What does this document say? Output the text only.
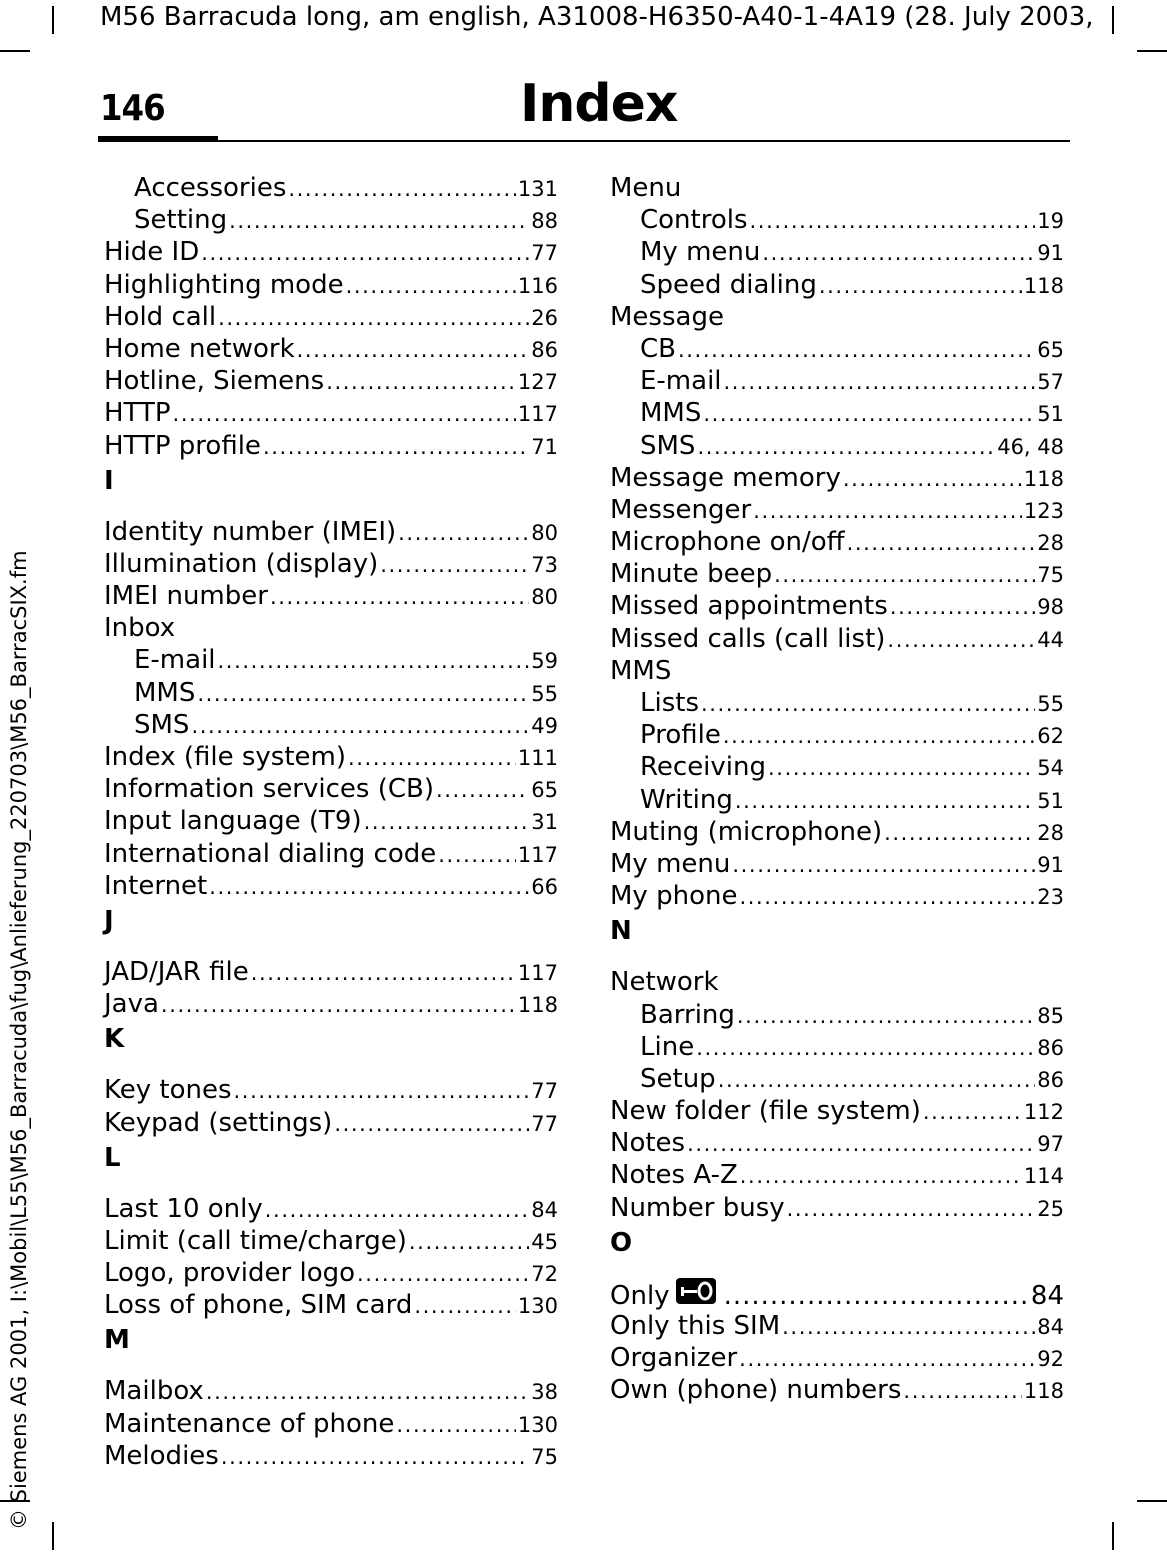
M56 Barracuda long, am english, A31008-H6350-A40-1-4A19 (28. July 2003,
146	Index
© Siemens AG 2001, I:\Mobil\L55\M56_Barracuda\fug\Anlieferung_220703\M56_BarracSIX.fm
Accessories .....	131
Setting .....	88
Hide ID .....	77
Highlighting mode .....	116
Hold call .....	26
Home network .....	86
Hotline, Siemens .....	127
HTTP .....	117
HTTP profile .....	71
I
Identity number (IMEI) .....	80
Illumination (display) .....	73
IMEI number .....	80
Inbox
E-mail .....	59
MMS .....	55
SMS .....	49
Index (file system) .....	111
Information services (CB) .....	65
Input language (T9) .....	31
International dialing code .....	117
Internet .....	66
J
JAD/JAR file .....	117
Java .....	118
K
Key tones .....	77
Keypad (settings) .....	77
L
Last 10 only .....	84
Limit (call time/charge) .....	45
Logo, provider logo .....	72
Loss of phone, SIM card .....	130
M
Mailbox .....	38
Maintenance of phone .....	130
Melodies .....	75
Menu
Controls .....	19
My menu .....	91
Speed dialing .....	118
Message
CB .....	65
E-mail .....	57
MMS .....	51
SMS .....	46, 48
Message memory .....	118
Messenger .....	123
Microphone on/off .....	28
Minute beep .....	75
Missed appointments .....	98
Missed calls (call list) .....	44
MMS
Lists .....	55
Profile .....	62
Receiving .....	54
Writing .....	51
Muting (microphone) .....	28
My menu .....	91
My phone .....	23
N
Network
Barring .....	85
Line .....	86
Setup .....	86
New folder (file system) .....	112
Notes .....	97
Notes A-Z .....	114
Number busy .....	25
O
Only .....	84
Only this SIM .....	84
Organizer .....	92
Own (phone) numbers .....	118
